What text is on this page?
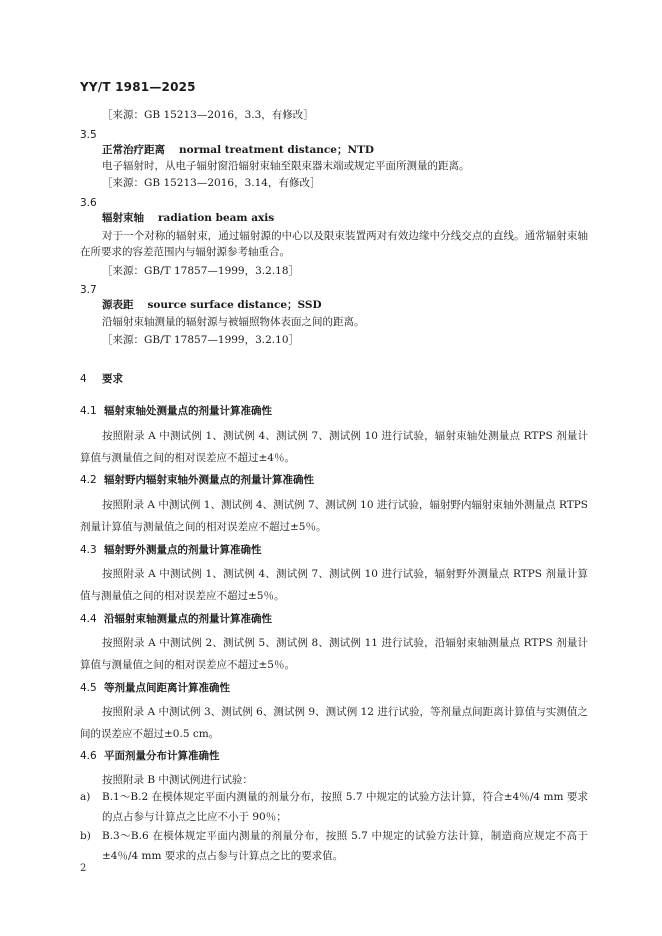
YY/T 1981—2025
［来源：GB 15213—2016，3.3，有修改］
3.5
正常治疗距离 normal treatment distance；NTD
电子辐射时，从电子辐射窗沿辐射束轴至限束器末端或规定平面所测量的距离。
［来源：GB 15213—2016，3.14，有修改］
3.6
辐射束轴 radiation beam axis
对于一个对称的辐射束，通过辐射源的中心以及限束装置两对有效边缘中分线交点的直线。通常辐射束轴在所要求的容差范围内与辐射源参考轴重合。
［来源：GB/T 17857—1999，3.2.18］
3.7
源表距 source surface distance；SSD
沿辐射束轴测量的辐射源与被辐照物体表面之间的距离。
［来源：GB/T 17857—1999，3.2.10］
4 要求
4.1 辐射束轴处测量点的剂量计算准确性
按照附录 A 中测试例 1、测试例 4、测试例 7、测试例 10 进行试验，辐射束轴处测量点 RTPS 剂量计算值与测量值之间的相对误差应不超过±4％。
4.2 辐射野内辐射束轴外测量点的剂量计算准确性
按照附录 A 中测试例 1、测试例 4、测试例 7、测试例 10 进行试验，辐射野内辐射束轴外测量点 RTPS 剂量计算值与测量值之间的相对误差应不超过±5％。
4.3 辐射野外测量点的剂量计算准确性
按照附录 A 中测试例 1、测试例 4、测试例 7、测试例 10 进行试验，辐射野外测量点 RTPS 剂量计算值与测量值之间的相对误差应不超过±5％。
4.4 沿辐射束轴测量点的剂量计算准确性
按照附录 A 中测试例 2、测试例 5、测试例 8、测试例 11 进行试验，沿辐射束轴测量点 RTPS 剂量计算值与测量值之间的相对误差应不超过±5％。
4.5 等剂量点间距离计算准确性
按照附录 A 中测试例 3、测试例 6、测试例 9、测试例 12 进行试验，等剂量点间距离计算值与实测值之间的误差应不超过±0.5 cm。
4.6 平面剂量分布计算准确性
按照附录 B 中测试例进行试验：
a) B.1～B.2 在模体规定平面内测量的剂量分布，按照 5.7 中规定的试验方法计算，符合±4％/4 mm 要求的点占参与计算点之比应不小于 90％；
b) B.3～B.6 在模体规定平面内测量的剂量分布，按照 5.7 中规定的试验方法计算，制造商应规定不高于±4％/4 mm 要求的点占参与计算点之比的要求值。
2
